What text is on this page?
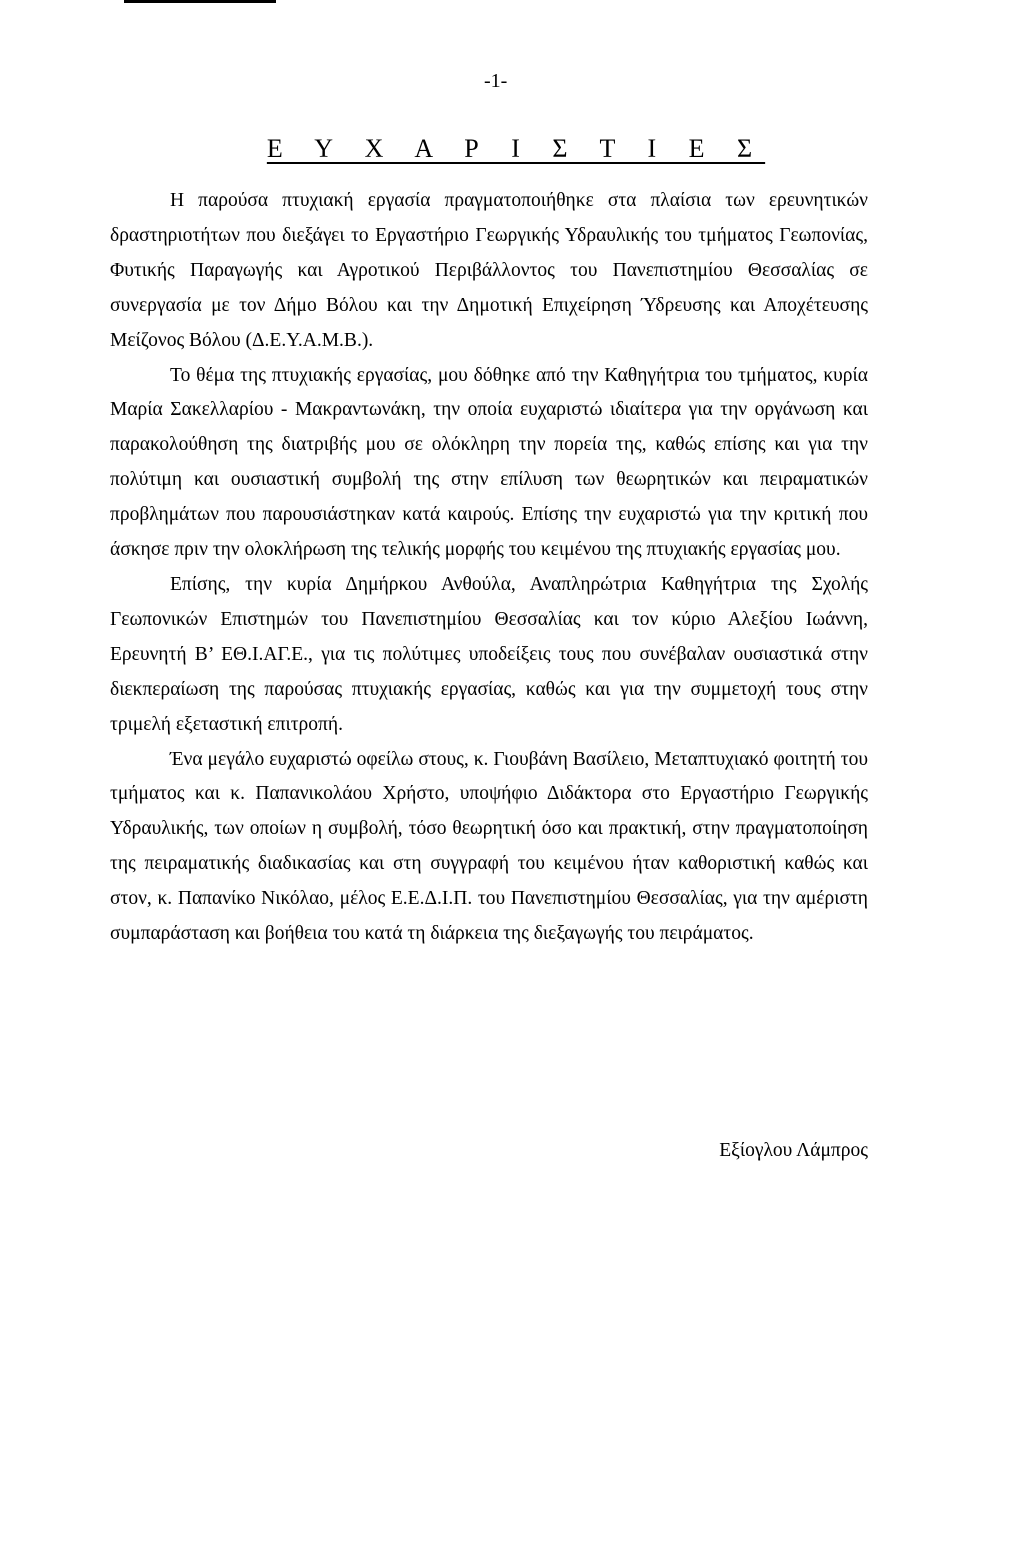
-1-
Ε Υ Χ Α Ρ Ι Σ Τ Ι Ε Σ

Η παρούσα πτυχιακή εργασία πραγματοποιήθηκε στα πλαίσια των ερευνητικών δραστηριοτήτων που διεξάγει το Εργαστήριο Γεωργικής Υδραυλικής του τμήματος Γεωπονίας, Φυτικής Παραγωγής και Αγροτικού Περιβάλλοντος του Πανεπιστημίου Θεσσαλίας σε συνεργασία με τον Δήμο Βόλου και την Δημοτική Επιχείρηση Ύδρευσης και Αποχέτευσης Μείζονος Βόλου (Δ.Ε.Υ.Α.Μ.Β.).

Το θέμα της πτυχιακής εργασίας, μου δόθηκε από την Καθηγήτρια του τμήματος, κυρία Μαρία Σακελλαρίου - Μακραντωνάκη, την οποία ευχαριστώ ιδιαίτερα για την οργάνωση και παρακολούθηση της διατριβής μου σε ολόκληρη την πορεία της, καθώς επίσης και για την πολύτιμη και ουσιαστική συμβολή της στην επίλυση των θεωρητικών και πειραματικών προβλημάτων που παρουσιάστηκαν κατά καιρούς. Επίσης την ευχαριστώ για την κριτική που άσκησε πριν την ολοκλήρωση της τελικής μορφής του κειμένου της πτυχιακής εργασίας μου.

Επίσης, την κυρία Δημήρκου Ανθούλα, Αναπληρώτρια Καθηγήτρια της Σχολής Γεωπονικών Επιστημών του Πανεπιστημίου Θεσσαλίας και τον κύριο Αλεξίου Ιωάννη, Ερευνητή Β’ ΕΘ.Ι.ΑΓ.Ε., για τις πολύτιμες υποδείξεις τους που συνέβαλαν ουσιαστικά στην διεκπεραίωση της παρούσας πτυχιακής εργασίας, καθώς και για την συμμετοχή τους στην τριμελή εξεταστική επιτροπή.

Ένα μεγάλο ευχαριστώ οφείλω στους, κ. Γιουβάνη Βασίλειο, Μεταπτυχιακό φοιτητή του τμήματος και κ. Παπανικολάου Χρήστο, υποψήφιο Διδάκτορα στο Εργαστήριο Γεωργικής Υδραυλικής, των οποίων η συμβολή, τόσο θεωρητική όσο και πρακτική, στην πραγματοποίηση της πειραματικής διαδικασίας και στη συγγραφή του κειμένου ήταν καθοριστική καθώς και στον, κ. Παπανίκο Νικόλαο, μέλος Ε.Ε.Δ.Ι.Π. του Πανεπιστημίου Θεσσαλίας, για την αμέριστη συμπαράσταση και βοήθεια του κατά τη διάρκεια της διεξαγωγής του πειράματος.

Εξίογλου Λάμπρος
